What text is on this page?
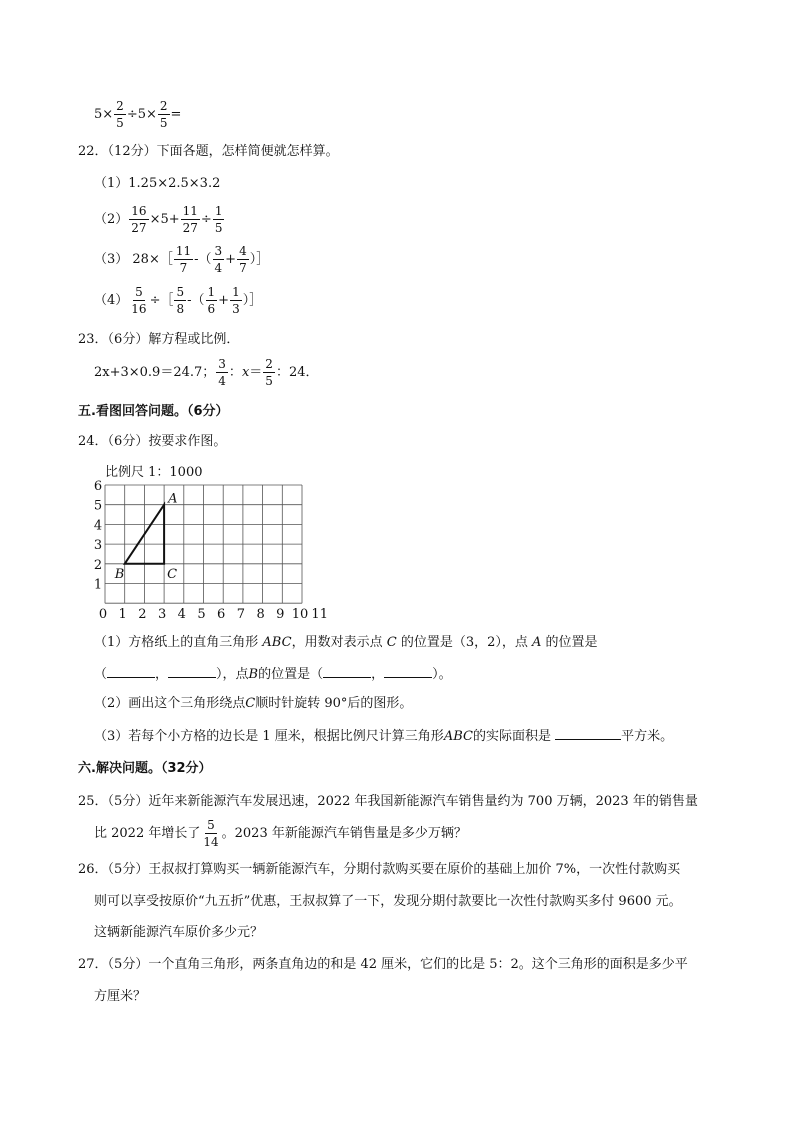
$5\times \frac{2}{5} \div 5\times \frac{2}{5}$ =
22．（12分）下面各题，怎样简便就怎样算。
（1）1.25×2.5×3.2
$(2) \frac{16}{27} \times 5+ \frac{11}{27} \div \frac{1}{5}$
（3） 28×［ $\frac{11}{7}$ -（ $\frac{3}{4} + \frac{4}{7}$ ）］
$(4) \frac{5}{16}$ ÷［ $\frac{5}{8}$ -（ $\frac{1}{6} + \frac{1}{3}$ ）］
23．（6分）解方程或比例．
2x+3×0.9＝24.7； $\frac{3}{4}$ ：$x= \frac{2}{5}$ ：24．
五.看图回答问题。（6分）
24．（6分）按要求作图。
比例尺 1：1000
0 1 2 3 4 5 6 7 8 9 10 11
1
2
3
4
5
6
A
B	C
（1）方格纸上的直角三角形 ABC，用数对表示点 C 的位置是（3，2），点 A 的位置是
（	，	），点B的位置是（	，	）。
（2）画出这个三角形绕点C顺时针旋转 90°后的图形。
（3）若每个小方格的边长是 1 厘米，根据比例尺计算三角形ABC的实际面积是	平方米。
六.解决问题。（32分）
25．（5分）近年来新能源汽车发展迅速，2022 年我国新能源汽车销售量约为 700 万辆，2023 年的销售量
比 2022 年增长了 $\frac{5}{14}$ 。2023 年新能源汽车销售量是多少万辆？
26．（5分）王叔叔打算购买一辆新能源汽车，分期付款购买要在原价的基础上加价 7%，一次性付款购买
则可以享受按原价“九五折”优惠，王叔叔算了一下，发现分期付款要比一次性付款购买多付 9600 元。
这辆新能源汽车原价多少元？
27．（5分）一个直角三角形，两条直角边的和是 42 厘米，它们的比是 5：2。这个三角形的面积是多少平
方厘米？
